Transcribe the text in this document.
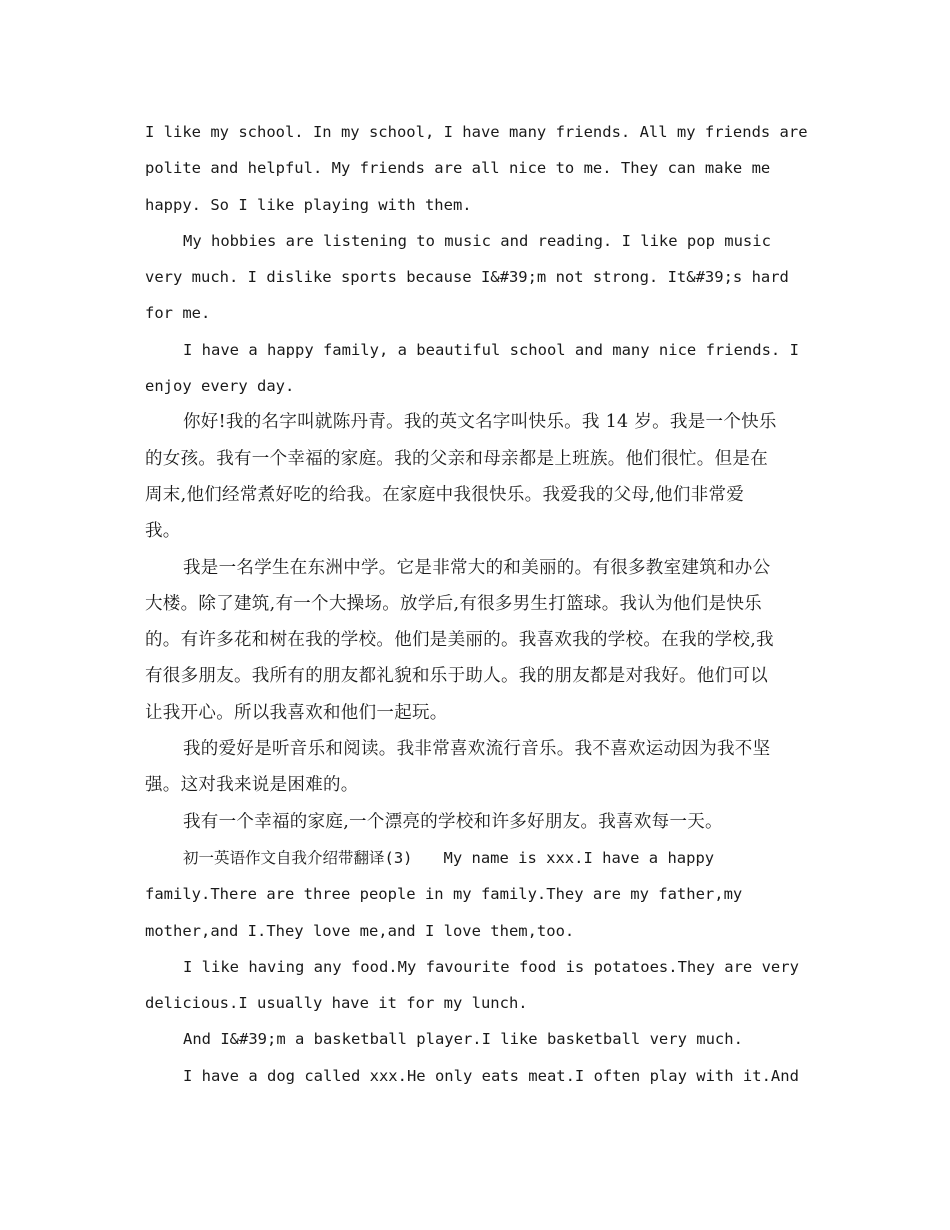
I like my school. In my school, I have many friends. All my friends are

polite and helpful. My friends are all nice to me. They can make me

happy. So I like playing with them.

My hobbies are listening to music and reading. I like pop music

very much. I dislike sports because I&#39;m not strong. It&#39;s hard

for me.

I have a happy family, a beautiful school and many nice friends. I

enjoy every day.

你好!我的名字叫就陈丹青。我的英文名字叫快乐。我 14 岁。我是一个快乐

的女孩。我有一个幸福的家庭。我的父亲和母亲都是上班族。他们很忙。但是在

周末,他们经常煮好吃的给我。在家庭中我很快乐。我爱我的父母,他们非常爱

我。

我是一名学生在东洲中学。它是非常大的和美丽的。有很多教室建筑和办公

大楼。除了建筑,有一个大操场。放学后,有很多男生打篮球。我认为他们是快乐

的。有许多花和树在我的学校。他们是美丽的。我喜欢我的学校。在我的学校,我

有很多朋友。我所有的朋友都礼貌和乐于助人。我的朋友都是对我好。他们可以

让我开心。所以我喜欢和他们一起玩。

我的爱好是听音乐和阅读。我非常喜欢流行音乐。我不喜欢运动因为我不坚

强。这对我来说是困难的。

我有一个幸福的家庭,一个漂亮的学校和许多好朋友。我喜欢每一天。

初一英语作文自我介绍带翻译(3)　　My name is xxx.I have a happy

family.There are three people in my family.They are my father,my

mother,and I.They love me,and I love them,too.

I like having any food.My favourite food is potatoes.They are very

delicious.I usually have it for my lunch.

And I&#39;m a basketball player.I like basketball very much.

I have a dog called xxx.He only eats meat.I often play with it.And
